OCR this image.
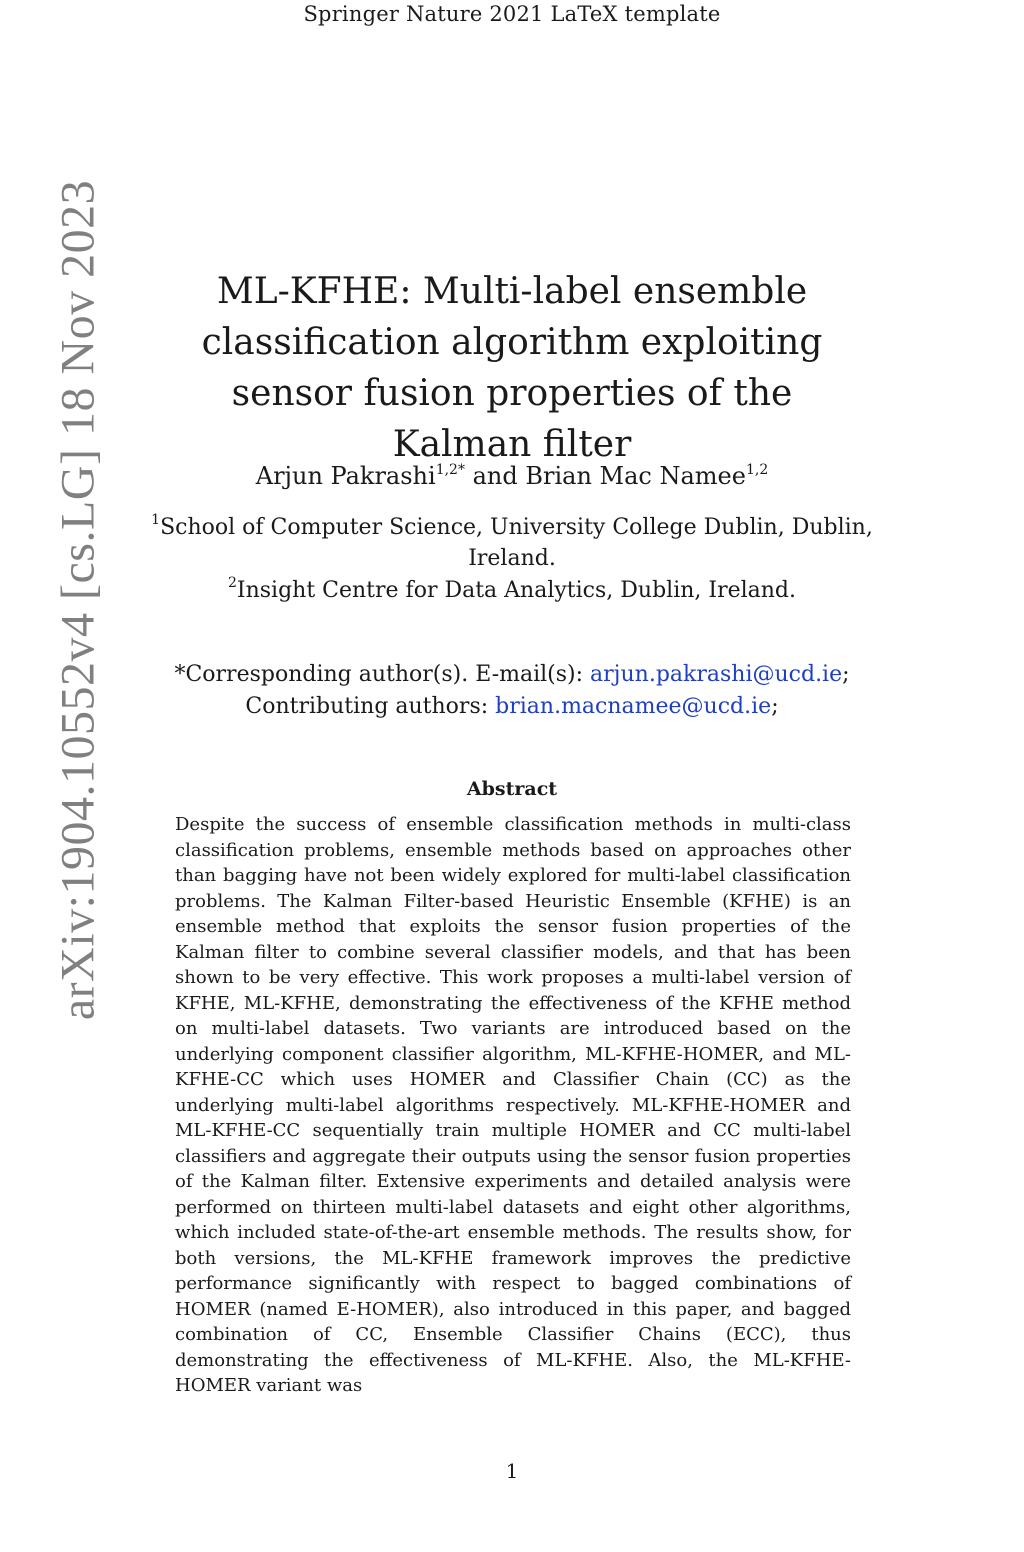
Springer Nature 2021 LaTeX template
arXiv:1904.10552v4 [cs.LG] 18 Nov 2023	ML-KFHE: Multi-label ensemble classification algorithm exploiting sensor fusion properties of the Kalman filter
Arjun Pakrashi$^{1,2*}$ and Brian Mac Namee$^{1,2}$
$^1$School of Computer Science, University College Dublin, Dublin, Ireland.
$^2$Insight Centre for Data Analytics, Dublin, Ireland.
*Corresponding author(s). E-mail(s): arjun.pakrashi@ucd.ie;
Contributing authors: brian.macnamee@ucd.ie;
Abstract

Despite the success of ensemble classification methods in multi-class classification problems, ensemble methods based on approaches other than bagging have not been widely explored for multi-label classification problems. The Kalman Filter-based Heuristic Ensemble (KFHE) is an ensemble method that exploits the sensor fusion properties of the Kalman filter to combine several classifier models, and that has been shown to be very effective. This work proposes a multi-label version of KFHE, ML-KFHE, demonstrating the effectiveness of the KFHE method on multi-label datasets. Two variants are introduced based on the underlying component classifier algorithm, ML-KFHE-HOMER, and ML-KFHE-CC which uses HOMER and Classifier Chain (CC) as the underlying multi-label algorithms respectively. ML-KFHE-HOMER and ML-KFHE-CC sequentially train multiple HOMER and CC multi-label classifiers and aggregate their outputs using the sensor fusion properties of the Kalman filter. Extensive experiments and detailed analysis were performed on thirteen multi-label datasets and eight other algorithms, which included state-of-the-art ensemble methods. The results show, for both versions, the ML-KFHE framework improves the predictive performance significantly with respect to bagged combinations of HOMER (named E-HOMER), also introduced in this paper, and bagged combination of CC, Ensemble Classifier Chains (ECC), thus demonstrating the effectiveness of ML-KFHE. Also, the ML-KFHE-HOMER variant was

1
